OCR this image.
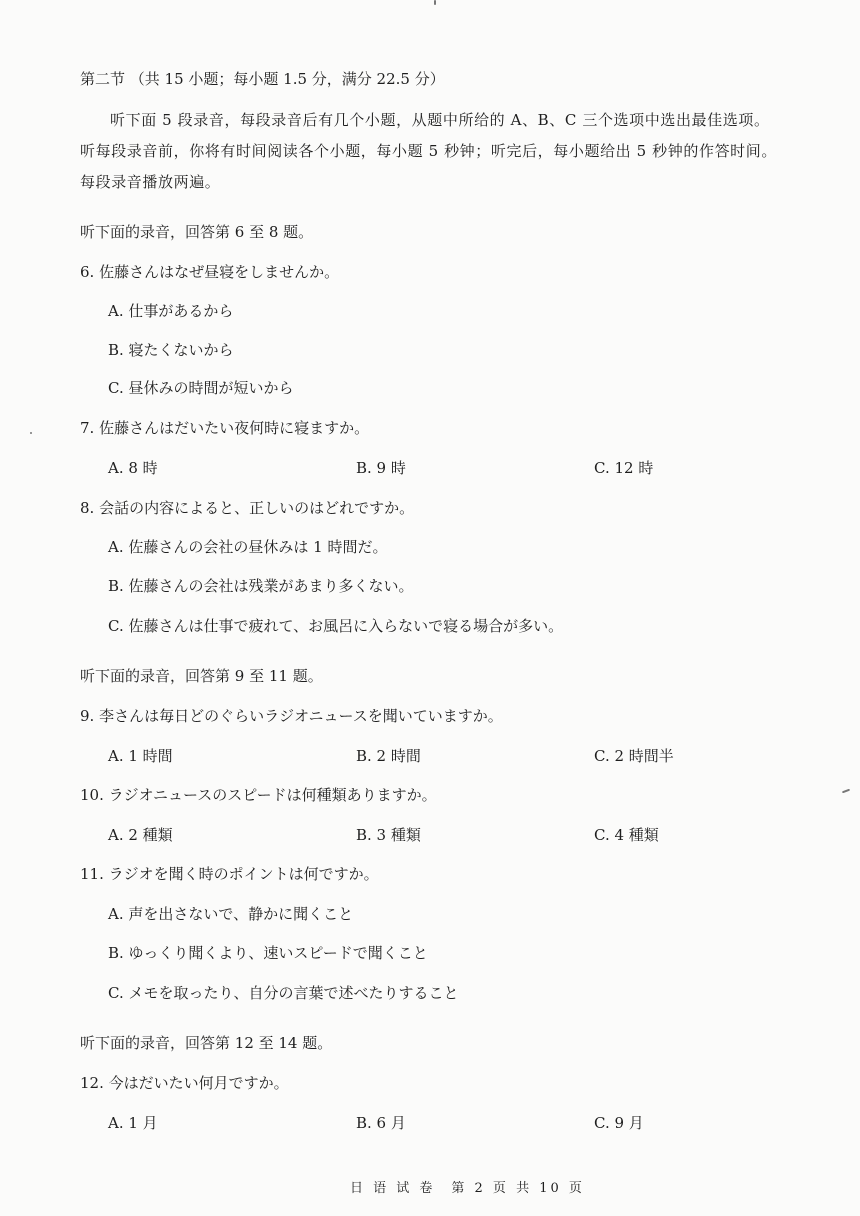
第二节 （共 15 小题；每小题 1.5 分，满分 22.5 分）
听下面 5 段录音，每段录音后有几个小题，从题中所给的 A、B、C 三个选项中选出最佳选项。
听每段录音前，你将有时间阅读各个小题，每小题 5 秒钟；听完后，每小题给出 5 秒钟的作答时间。
每段录音播放两遍。
听下面的录音，回答第 6 至 8 题。
6. 佐藤さんはなぜ昼寝をしませんか。
A. 仕事があるから
B. 寝たくないから
C. 昼休みの時間が短いから
7. 佐藤さんはだいたい夜何時に寝ますか。
A. 8 時	B. 9 時	C. 12 時
8. 会話の内容によると、正しいのはどれですか。
A. 佐藤さんの会社の昼休みは 1 時間だ。
B. 佐藤さんの会社は残業があまり多くない。
C. 佐藤さんは仕事で疲れて、お風呂に入らないで寝る場合が多い。
听下面的录音，回答第 9 至 11 题。
9. 李さんは毎日どのぐらいラジオニュースを聞いていますか。
A. 1 時間	B. 2 時間	C. 2 時間半
10. ラジオニュースのスピードは何種類ありますか。
A. 2 種類	B. 3 種類	C. 4 種類
11. ラジオを聞く時のポイントは何ですか。
A. 声を出さないで、静かに聞くこと
B. ゆっくり聞くより、速いスピードで聞くこと
C. メモを取ったり、自分の言葉で述べたりすること
听下面的录音，回答第 12 至 14 题。
12. 今はだいたい何月ですか。
A. 1 月	B. 6 月	C. 9 月
日 语 试 卷　第 2 页 共 10 页
